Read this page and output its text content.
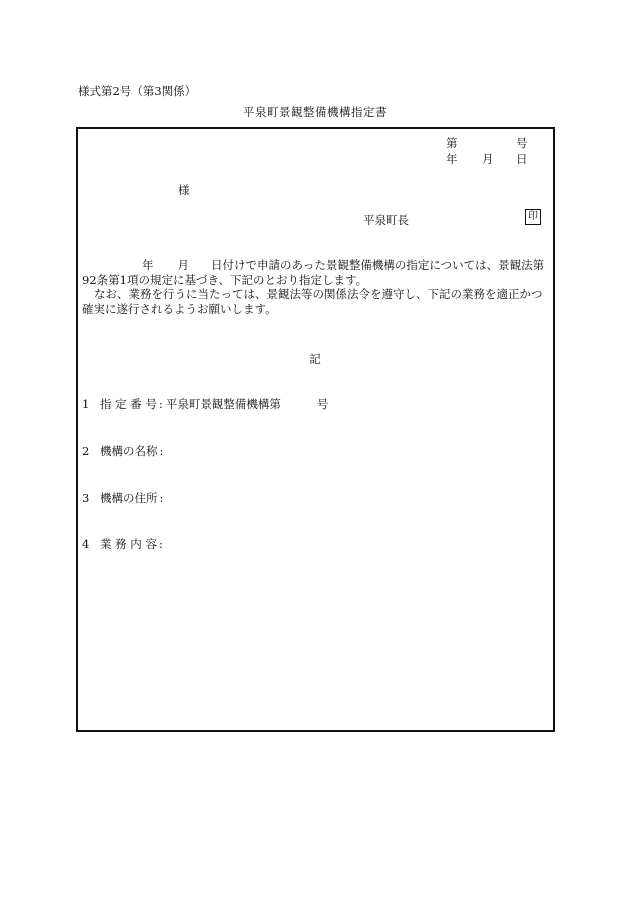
様式第2号（第3関係）
平泉町景観整備機構指定書
第	号
年 月 日
様
平泉町長	印

年 月 日付けで申請のあった景観整備機構の指定については、景観法第

92条第1項の規定に基づき、下記のとおり指定します。

なお、業務を行うに当たっては、景観法等の関係法令を遵守し、下記の業務を適正かつ

確実に遂行されるようお願いします。

記
1 指 定 番 号 : 平泉町景観整備機構第	号
2 機構の名称 :
3 機構の住所 :
4 業 務 内 容 :
